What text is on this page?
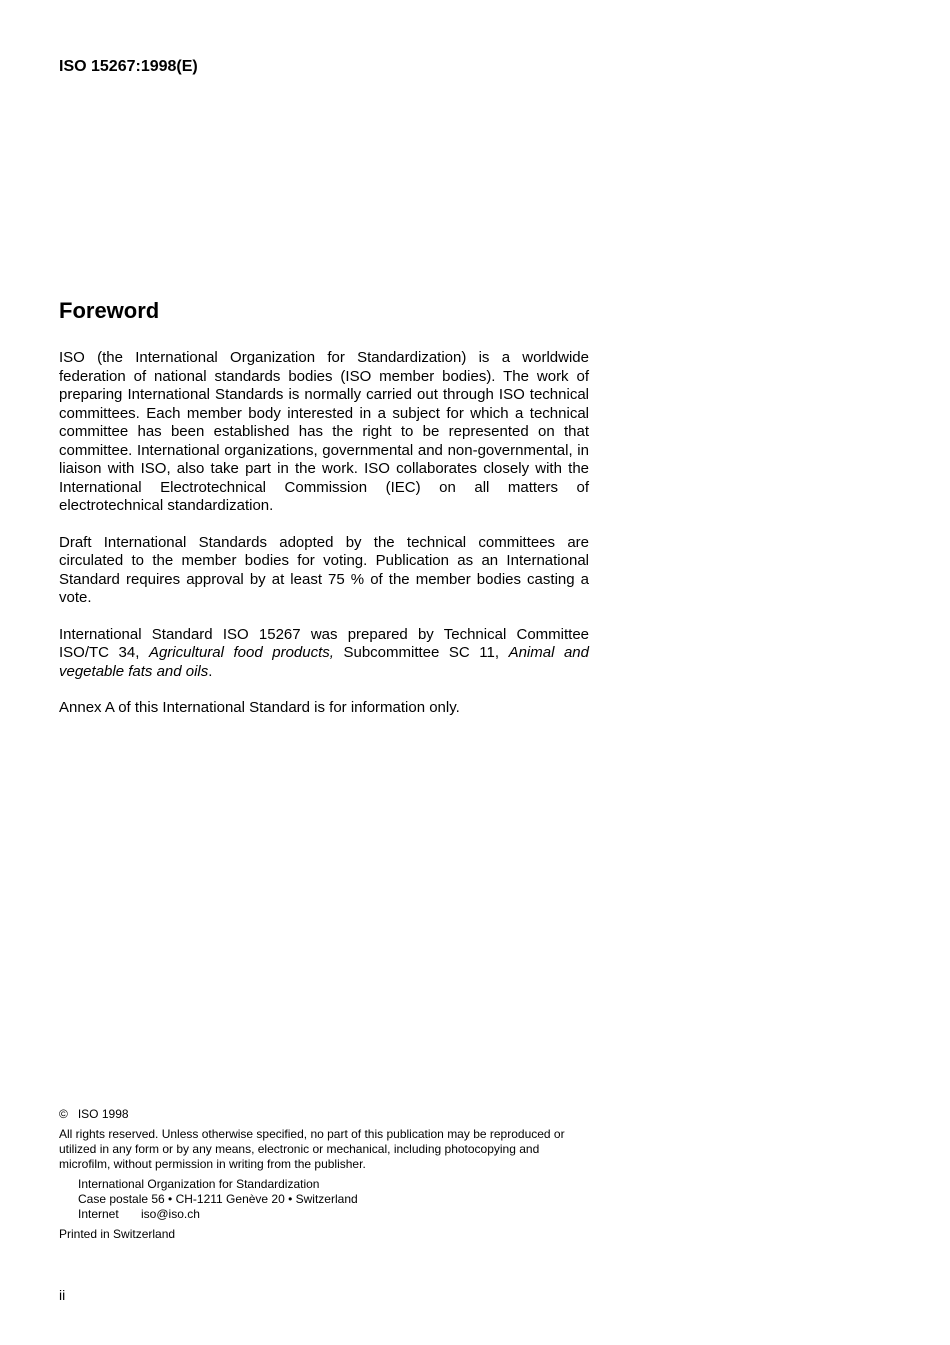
ISO 15267:1998(E)
Foreword

ISO (the International Organization for Standardization) is a worldwide federation of national standards bodies (ISO member bodies). The work of preparing International Standards is normally carried out through ISO technical committees. Each member body interested in a subject for which a technical committee has been established has the right to be represented on that committee. International organizations, governmental and non-governmental, in liaison with ISO, also take part in the work. ISO collaborates closely with the International Electrotechnical Commission (IEC) on all matters of electrotechnical standardization.

Draft International Standards adopted by the technical committees are circulated to the member bodies for voting. Publication as an International Standard requires approval by at least 75 % of the member bodies casting a vote.

International Standard ISO 15267 was prepared by Technical Committee ISO/TC 34, Agricultural food products, Subcommittee SC 11, Animal and vegetable fats and oils.

Annex A of this International Standard is for information only.

© ISO 1998
All rights reserved. Unless otherwise specified, no part of this publication may be reproduced or utilized in any form or by any means, electronic or mechanical, including photocopying and microfilm, without permission in writing from the publisher.
International Organization for Standardization
Case postale 56 • CH-1211 Genève 20 • Switzerland
Internet iso@iso.ch
Printed in Switzerland
ii
